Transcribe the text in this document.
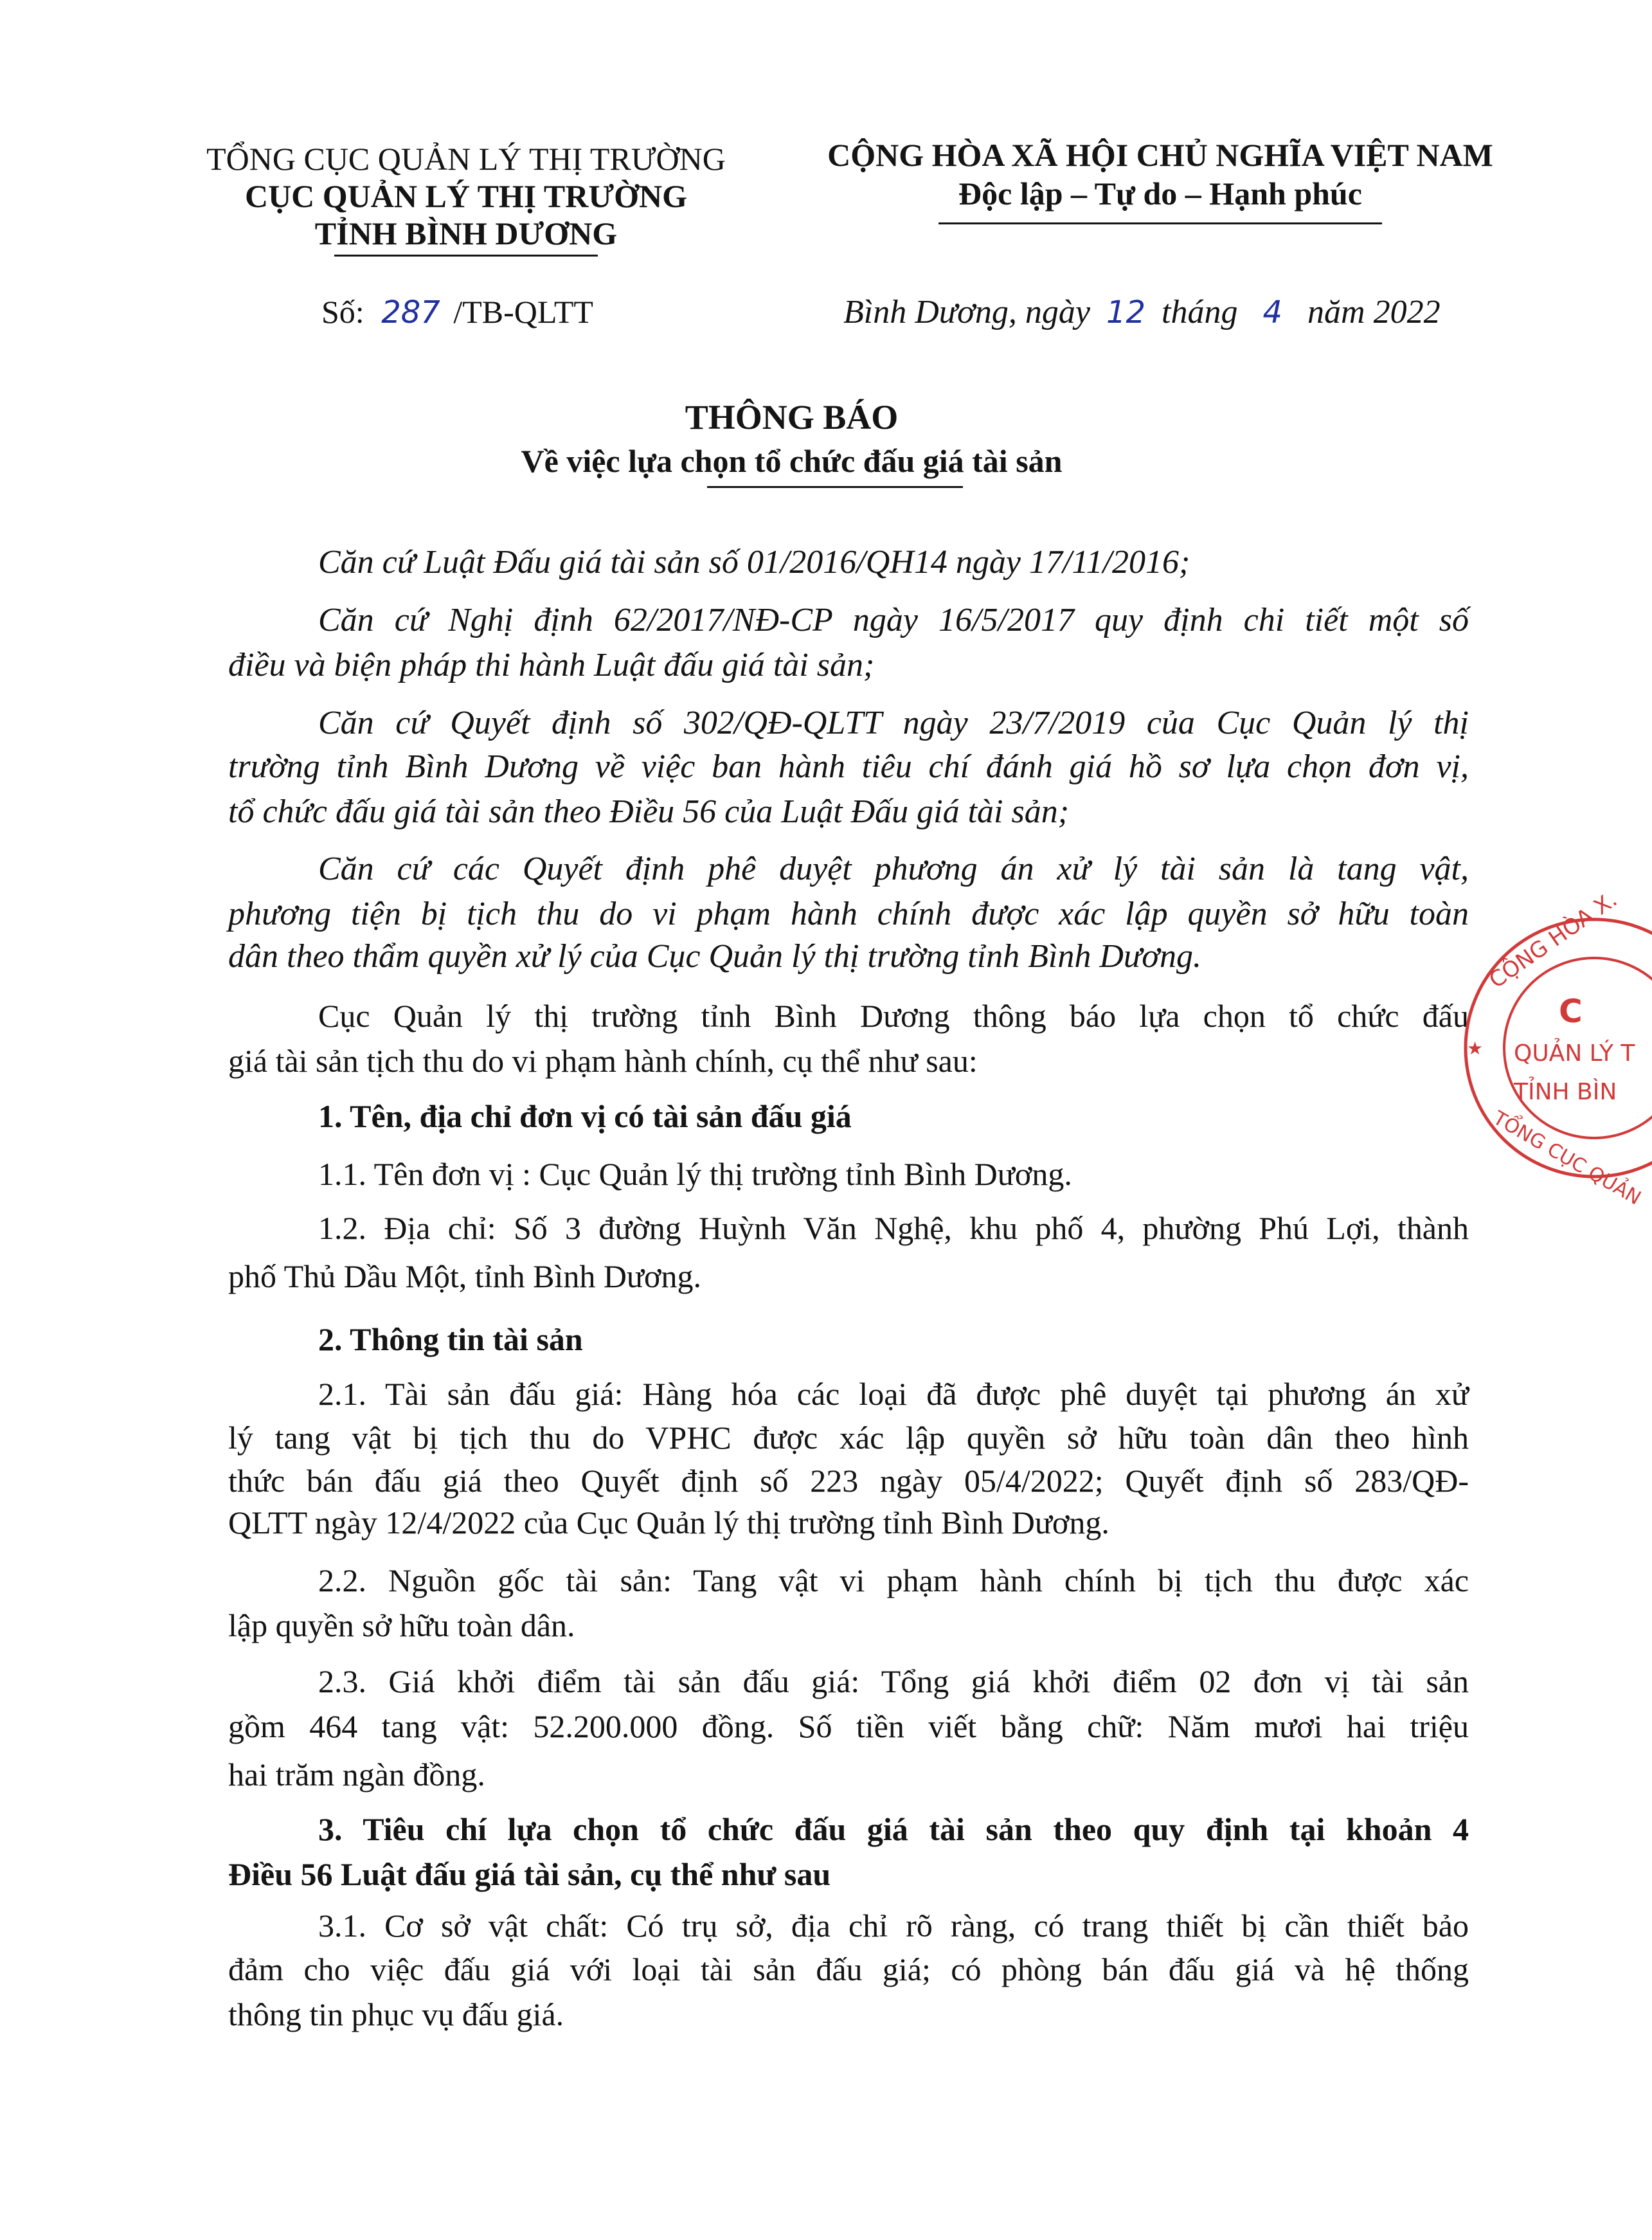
TỔNG CỤC QUẢN LÝ THỊ TRƯỜNG
CỤC QUẢN LÝ THỊ TRƯỜNG
TỈNH BÌNH DƯƠNG
CỘNG HÒA XÃ HỘI CHỦ NGHĨA VIỆT NAM
Độc lập – Tự do – Hạnh phúc
Số: 287 /TB-QLTT	Bình Dương, ngày 12 tháng 4 năm 2022
THÔNG BÁO
Về việc lựa chọn tổ chức đấu giá tài sản
Căn cứ Luật Đấu giá tài sản số 01/2016/QH14 ngày 17/11/2016;
Căn cứ Nghị định 62/2017/NĐ-CP ngày 16/5/2017 quy định chi tiết một số
điều và biện pháp thi hành Luật đấu giá tài sản;
Căn cứ Quyết định số 302/QĐ-QLTT ngày 23/7/2019 của Cục Quản lý thị
trường tỉnh Bình Dương về việc ban hành tiêu chí đánh giá hồ sơ lựa chọn đơn vị,
tổ chức đấu giá tài sản theo Điều 56 của Luật Đấu giá tài sản;
Căn cứ các Quyết định phê duyệt phương án xử lý tài sản là tang vật,
phương tiện bị tịch thu do vi phạm hành chính được xác lập quyền sở hữu toàn
dân theo thẩm quyền xử lý của Cục Quản lý thị trường tỉnh Bình Dương.
Cục Quản lý thị trường tỉnh Bình Dương thông báo lựa chọn tổ chức đấu
giá tài sản tịch thu do vi phạm hành chính, cụ thể như sau:
1. Tên, địa chỉ đơn vị có tài sản đấu giá
1.1. Tên đơn vị : Cục Quản lý thị trường tỉnh Bình Dương.
1.2. Địa chỉ: Số 3 đường Huỳnh Văn Nghệ, khu phố 4, phường Phú Lợi, thành
phố Thủ Dầu Một, tỉnh Bình Dương.
2. Thông tin tài sản
2.1. Tài sản đấu giá: Hàng hóa các loại đã được phê duyệt tại phương án xử
lý tang vật bị tịch thu do VPHC được xác lập quyền sở hữu toàn dân theo hình
thức bán đấu giá theo Quyết định số 223 ngày 05/4/2022; Quyết định số 283/QĐ-
QLTT ngày 12/4/2022 của Cục Quản lý thị trường tỉnh Bình Dương.
2.2. Nguồn gốc tài sản: Tang vật vi phạm hành chính bị tịch thu được xác
lập quyền sở hữu toàn dân.
2.3. Giá khởi điểm tài sản đấu giá: Tổng giá khởi điểm 02 đơn vị tài sản
gồm 464 tang vật: 52.200.000 đồng. Số tiền viết bằng chữ: Năm mươi hai triệu
hai trăm ngàn đồng.
3. Tiêu chí lựa chọn tổ chức đấu giá tài sản theo quy định tại khoản 4
Điều 56 Luật đấu giá tài sản, cụ thể như sau
3.1. Cơ sở vật chất: Có trụ sở, địa chỉ rõ ràng, có trang thiết bị cần thiết bảo
đảm cho việc đấu giá với loại tài sản đấu giá; có phòng bán đấu giá và hệ thống
thông tin phục vụ đấu giá.
CỘNG HÒA X.
★
C
QUẢN LÝ T
TỈNH BÌN
TỔNG CỤC QUẢN
